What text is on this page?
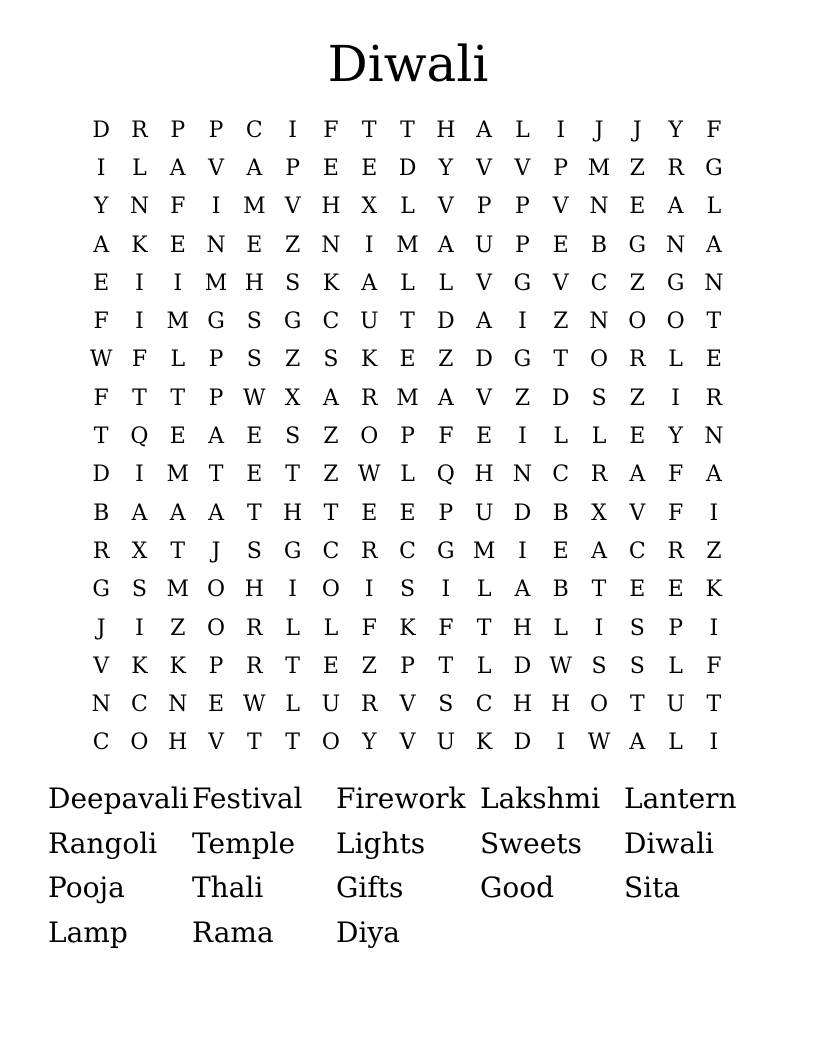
Diwali
D R	P	P	C	I	F	T	T H A	L	I	J	J	Y	F
I	L	A	V	A	P	E	E D	Y	V	V	P M Z	R G
Y N F	I	M V H X	L	V	P	P	V N E	A	L
A	K	E N E	Z N	I	M A U P	E	B G N A
E	I	I	M H S	K	A	L	L	V G V C	Z G N
F	I	M G S G C U T	D A	I	Z N O O T
W F	L	P	S	Z	S	K	E	Z D G	T O R	L	E
F	T	T	P W X	A	R M A	V	Z D S	Z	I	R
T Q E	A	E	S	Z O P	F	E	I	L	L	E	Y N
D	I	M T	E	T	Z W L Q H N C R	A	F	A
B	A	A	A	T H T	E	E	P U D B	X	V	F	I
R	X	T	J	S G C R C G M	I	E	A C R	Z
G S M O H	I	O	I	S	I	L	A	B	T	E	E	K
J	I	Z O R	L	L	F	K	F	T H L	I	S	P	I
V	K K	P	R	T	E	Z	P	T	L	D W S	S	L	F
N C N E W L U R	V	S	C H H O T U T
C O H V	T	T O	Y	V U K D	I	W A	L	I
Deepavali Festival	Firework Lakshmi Lantern
Rangoli	Temple	Lights	Sweets	Diwali
Pooja	Thali	Gifts	Good	Sita
Lamp	Rama	Diya
